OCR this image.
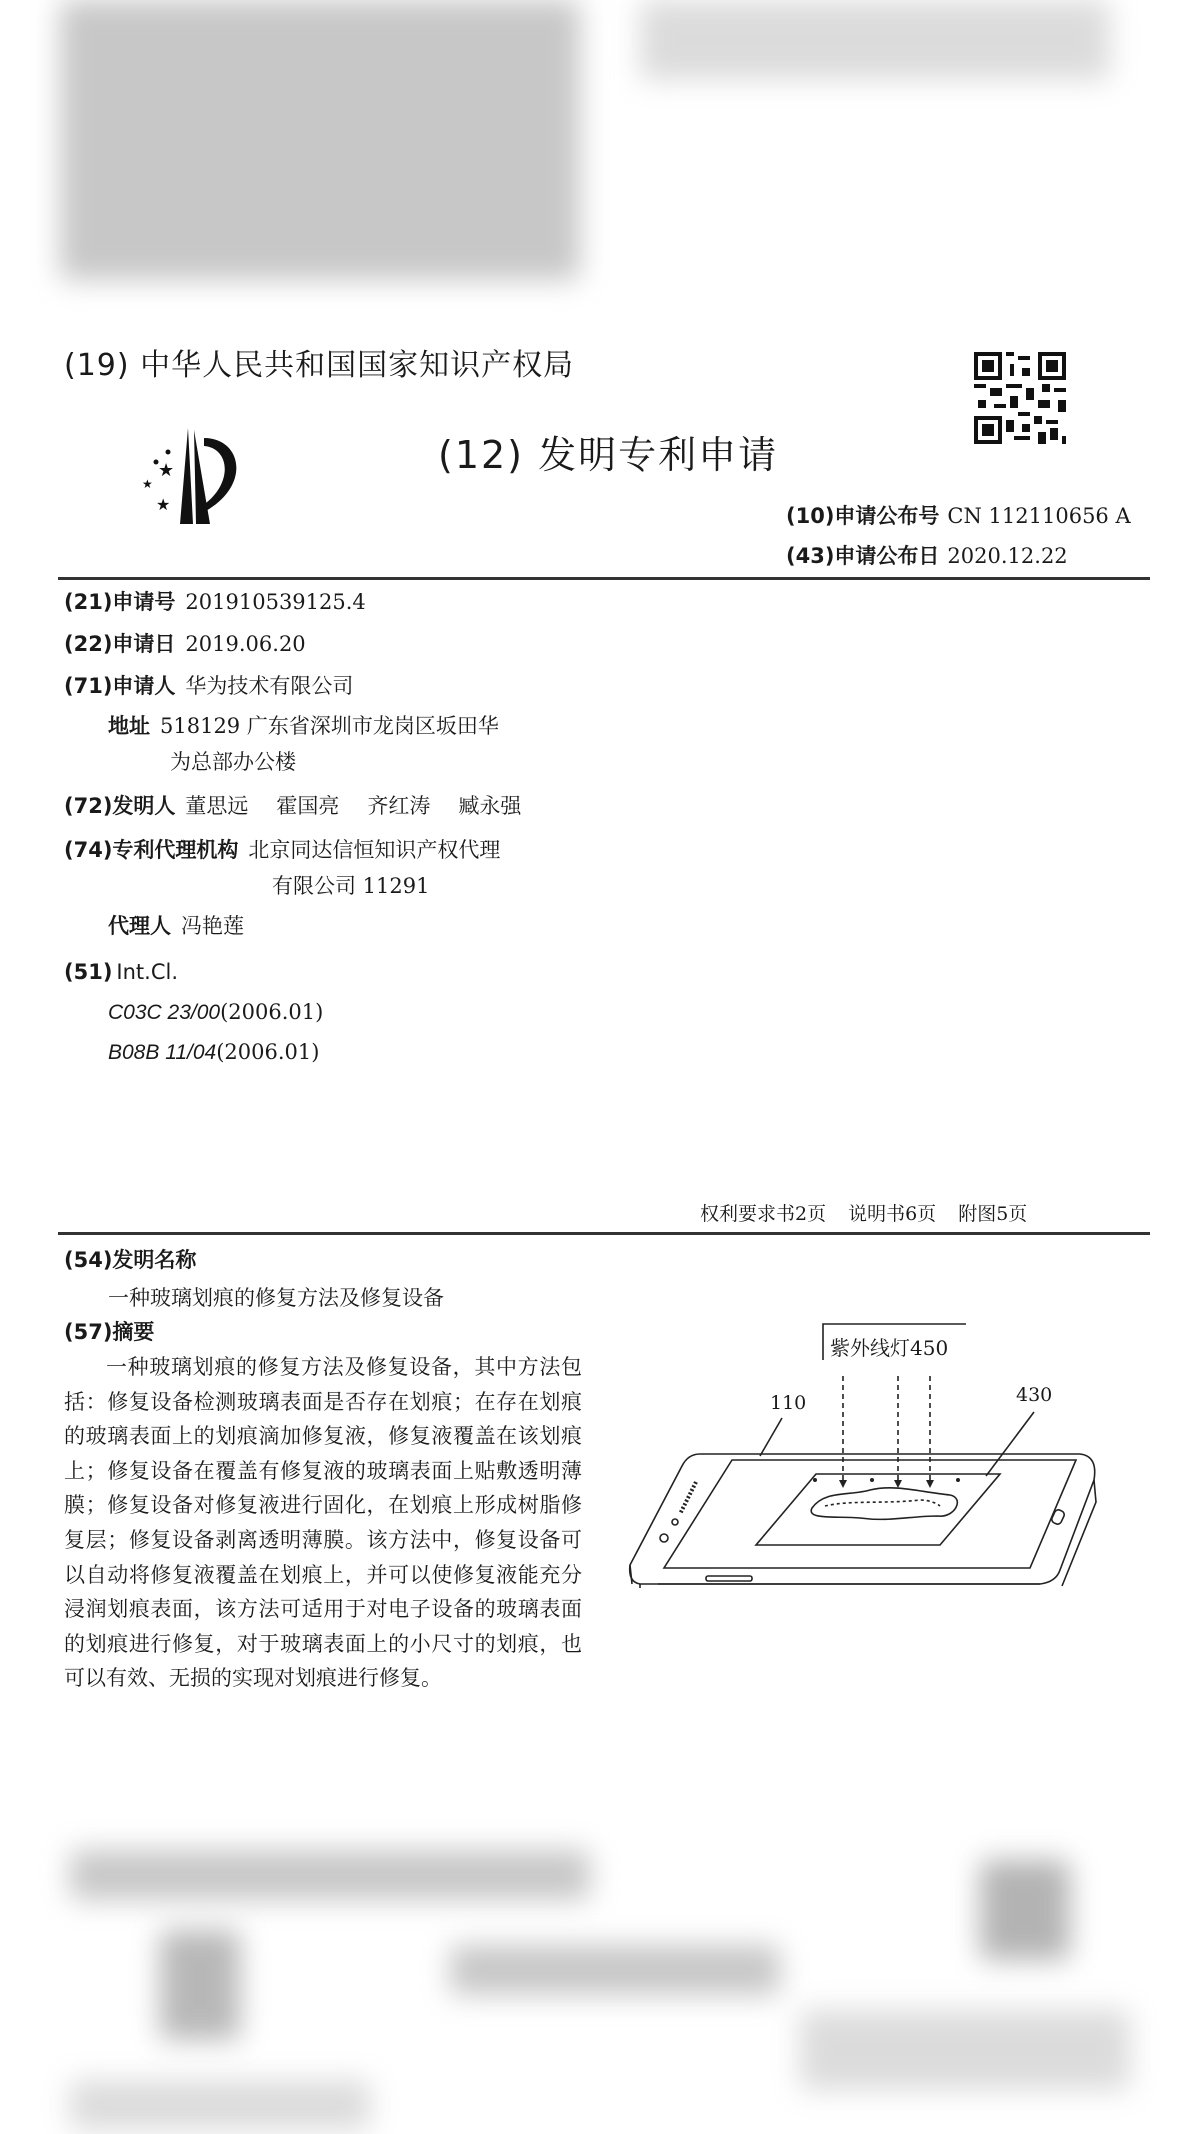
(19) 中华人民共和国国家知识产权局
★
★
★
(12) 发明专利申请
(10)申请公布号 CN 112110656 A
(43)申请公布日 2020.12.22
(21)申请号 201910539125.4
(22)申请日 2019.06.20
(71)申请人 华为技术有限公司
地址 518129 广东省深圳市龙岗区坂田华
为总部办公楼
(72)发明人 董思远 霍国亮 齐红涛 臧永强
(74)专利代理机构 北京同达信恒知识产权代理
有限公司 11291
代理人 冯艳莲
(51) Int.Cl.
C03C 23/00(2006.01)
B08B 11/04(2006.01)
权利要求书2页 说明书6页 附图5页
(54)发明名称
一种玻璃划痕的修复方法及修复设备
(57)摘要
一种玻璃划痕的修复方法及修复设备，其中方法包括：修复设备检测玻璃表面是否存在划痕；在存在划痕的玻璃表面上的划痕滴加修复液，修复液覆盖在该划痕上；修复设备在覆盖有修复液的玻璃表面上贴敷透明薄膜；修复设备对修复液进行固化，在划痕上形成树脂修复层；修复设备剥离透明薄膜。该方法中，修复设备可以自动将修复液覆盖在划痕上，并可以使修复液能充分浸润划痕表面，该方法可适用于对电子设备的玻璃表面的划痕进行修复，对于玻璃表面上的小尺寸的划痕，也可以有效、无损的实现对划痕进行修复。
紫外线灯450
110	430
